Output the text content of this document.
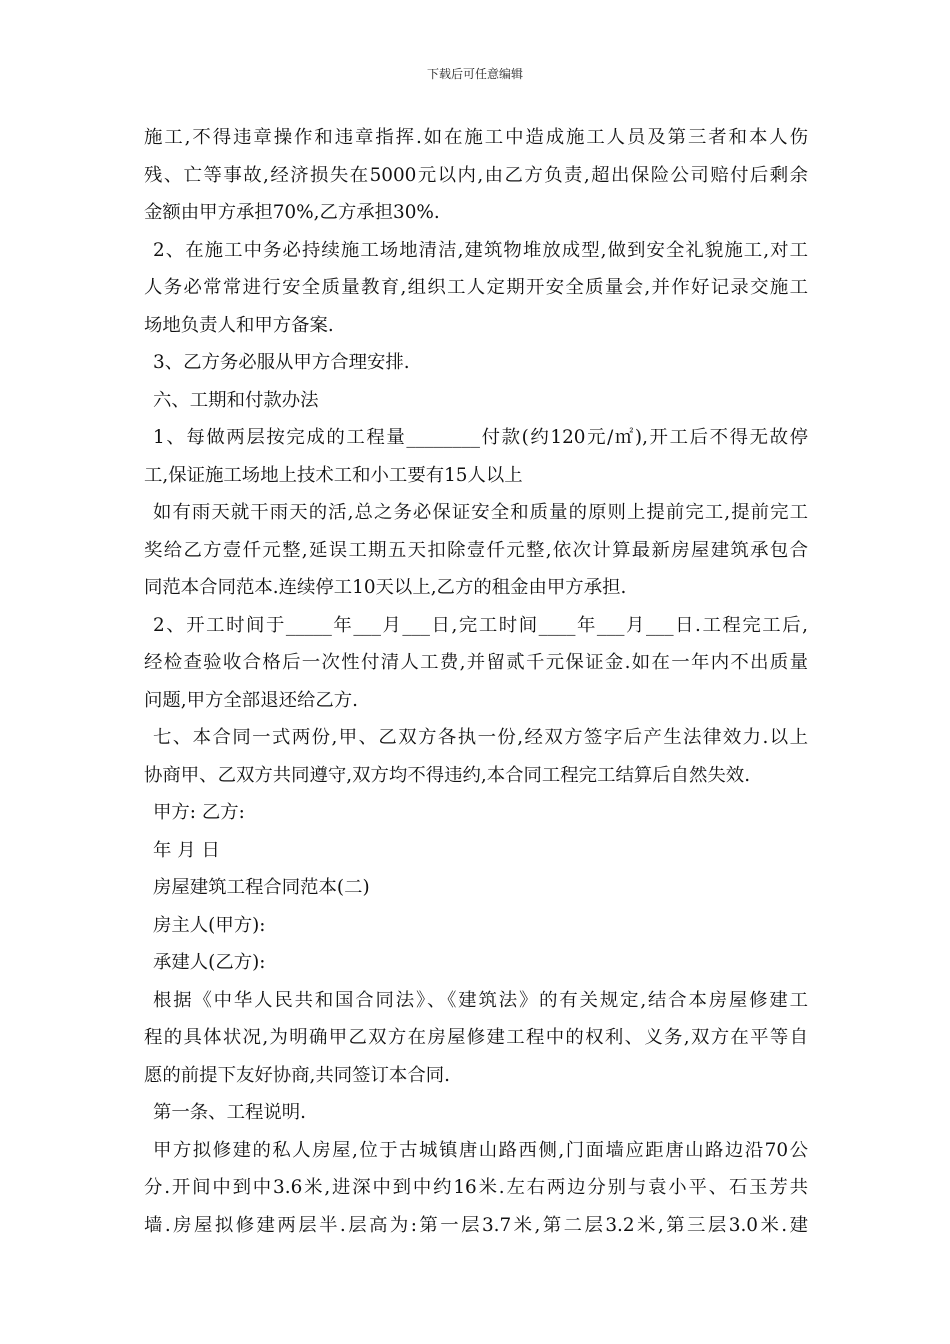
下载后可任意编辑
施工,不得违章操作和违章指挥.如在施工中造成施工人员及第三者和本人伤
残、亡等事故,经济损失在5000元以内,由乙方负责,超出保险公司赔付后剩余
金额由甲方承担70%,乙方承担30%.
2、在施工中务必持续施工场地清洁,建筑物堆放成型,做到安全礼貌施工,对工
人务必常常进行安全质量教育,组织工人定期开安全质量会,并作好记录交施工
场地负责人和甲方备案.
3、乙方务必服从甲方合理安排.
六、工期和付款办法
1、每做两层按完成的工程量________付款(约120元/㎡),开工后不得无故停
工,保证施工场地上技术工和小工要有15人以上
如有雨天就干雨天的活,总之务必保证安全和质量的原则上提前完工,提前完工
奖给乙方壹仟元整,延误工期五天扣除壹仟元整,依次计算最新房屋建筑承包合
同范本合同范本.连续停工10天以上,乙方的租金由甲方承担.
2、开工时间于_____年___月___日,完工时间____年___月___日.工程完工后,
经检查验收合格后一次性付清人工费,并留贰千元保证金.如在一年内不出质量
问题,甲方全部退还给乙方.
七、本合同一式两份,甲、乙双方各执一份,经双方签字后产生法律效力.以上
协商甲、乙双方共同遵守,双方均不得违约,本合同工程完工结算后自然失效.
甲方: 乙方:
年 月 日
房屋建筑工程合同范本(二)
房主人(甲方):
承建人(乙方):
根据《中华人民共和国合同法》、《建筑法》的有关规定,结合本房屋修建工
程的具体状况,为明确甲乙双方在房屋修建工程中的权利、义务,双方在平等自
愿的前提下友好协商,共同签订本合同.
第一条、工程说明.
甲方拟修建的私人房屋,位于古城镇唐山路西侧,门面墙应距唐山路边沿70公
分.开间中到中3.6米,进深中到中约16米.左右两边分别与袁小平、石玉芳共
墙.房屋拟修建两层半.层高为:第一层3.7米,第二层3.2米,第三层3.0米.建
